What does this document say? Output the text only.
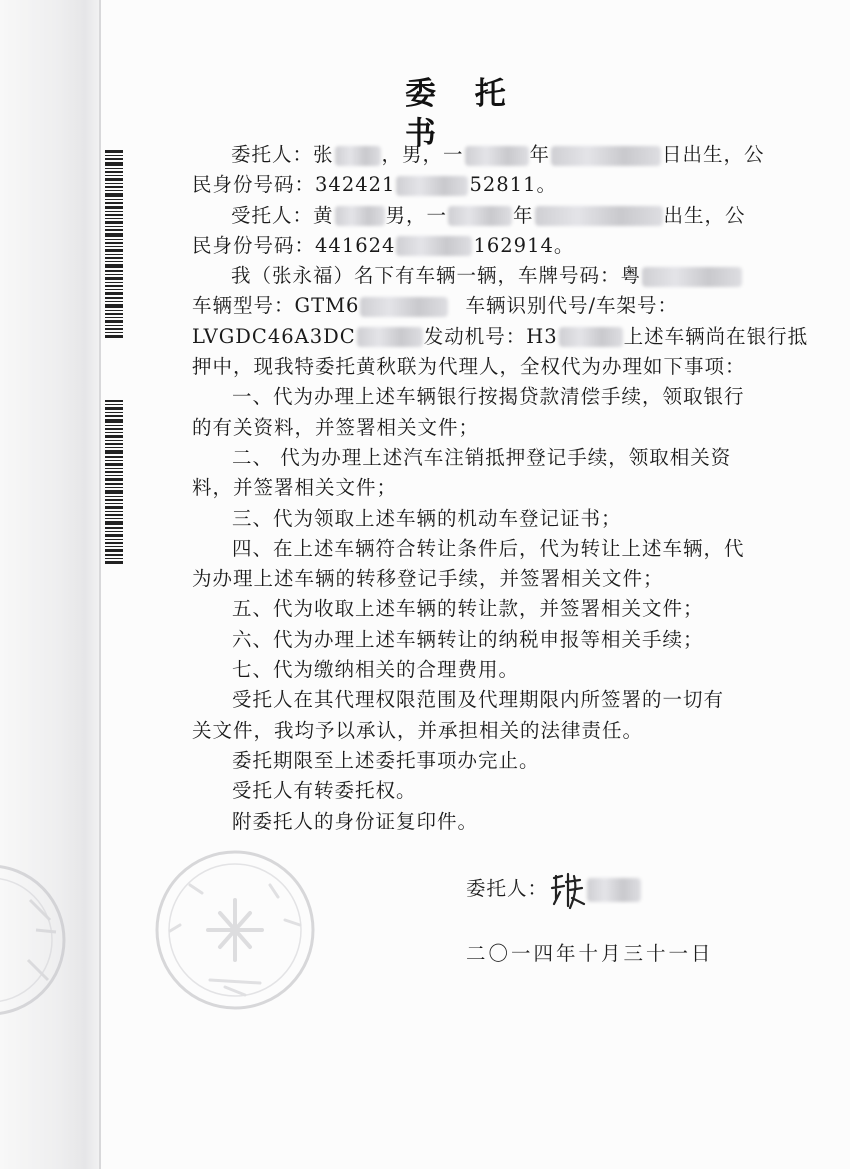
委 托 书
委托人：张 ，男，一	年	日出生，公
民身份号码：342421	52811。
受托人：黄	男，一	年	出生，公
民身份号码：441624	162914。
我（张永福）名下有车辆一辆，车牌号码：粤
车辆型号：GTM6	车辆识别代号/车架号：
LVGDC46A3DC	发动机号：H3	上述车辆尚在银行抵
押中，现我特委托黄秋联为代理人，全权代为办理如下事项：
一、代为办理上述车辆银行按揭贷款清偿手续，领取银行
的有关资料，并签署相关文件；
二、 代为办理上述汽车注销抵押登记手续，领取相关资
料，并签署相关文件；
三、代为领取上述车辆的机动车登记证书；
四、在上述车辆符合转让条件后，代为转让上述车辆，代
为办理上述车辆的转移登记手续，并签署相关文件；
五、代为收取上述车辆的转让款，并签署相关文件；
六、代为办理上述车辆转让的纳税申报等相关手续；
七、代为缴纳相关的合理费用。
受托人在其代理权限范围及代理期限内所签署的一切有
关文件，我均予以承认，并承担相关的法律责任。
委托期限至上述委托事项办完止。
受托人有转委托权。
附委托人的身份证复印件。
委托人：
二〇一四年十月三十一日
